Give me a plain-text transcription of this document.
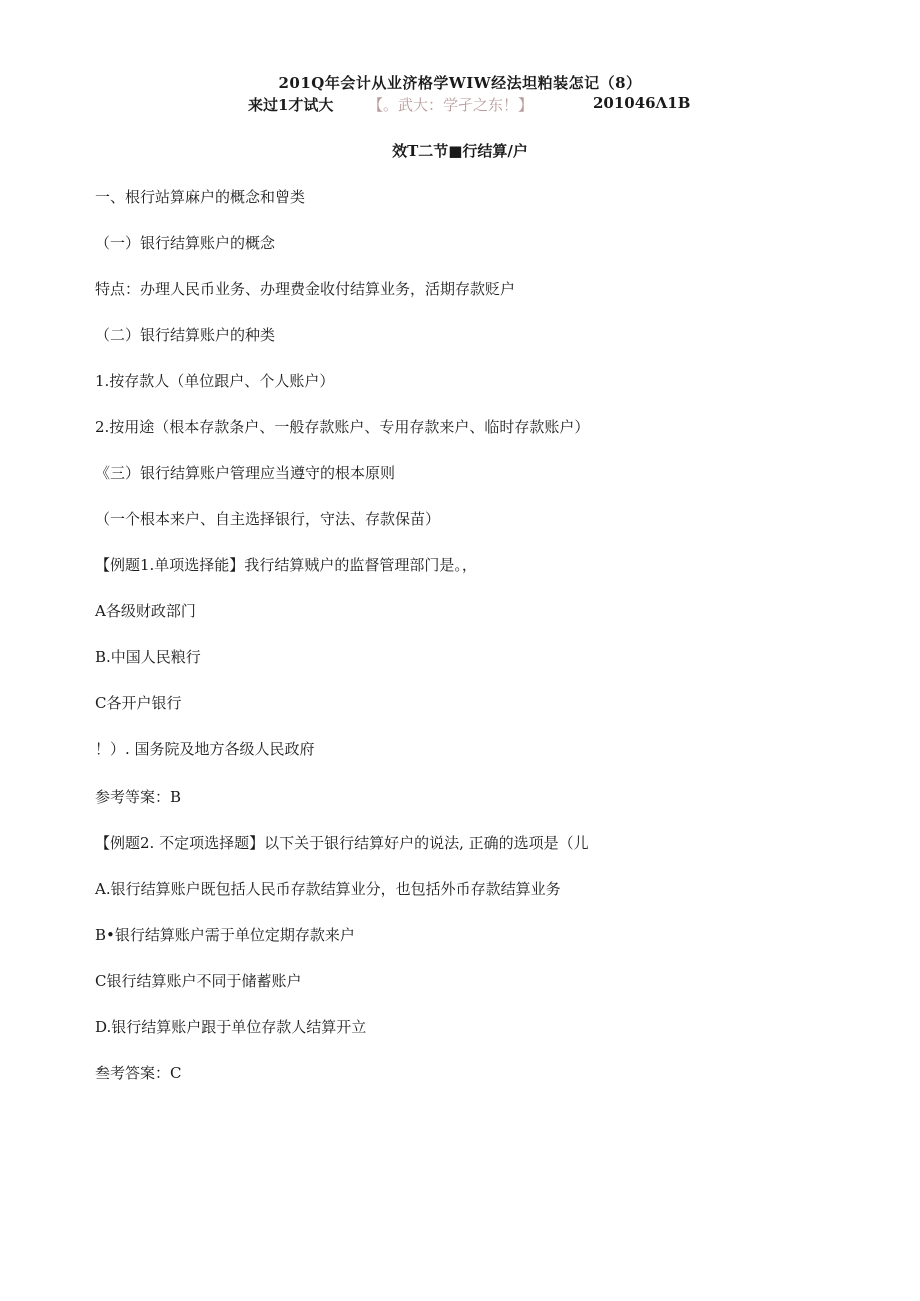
201Q年会计从业济格学WIW经法坦粕装怎记（8）
来过1才试大 【。武大：学孑之东！】	201046Λ1B
效T二节■行结算/户
一、根行站算麻户的概念和曾类
（一）银行结算账户的概念
特点：办理人民币业务、办理费金收付结算业务，活期存款贬户
（二）银行结算账户的种类
1.按存款人（单位跟户、个人账户）
2.按用途（根本存款条户、一般存款账户、专用存款来户、临时存款账户）
《三）银行结算账户管理应当遵守的根本原则
（一个根本来户、自主选择银行，守法、存款保苗）
【例题1.单项选择能】我行结算贼户的监督管理部门是。，
A各级财政部门
B.中国人民粮行
C各开户银行
！）. 国务院及地方各级人民政府
参考等案：B
【例题2. 不定项选择题】以下关于银行结算好户的说法, 正确的选项是（儿
A.银行结算账户既包括人民币存款结算业分，也包括外币存款结算业务
B•银行结算账户需于单位定期存款来户
C银行结算账户不同于储蓄账户
D.银行结算账户跟于单位存款人结算开立
叁考答案：C
